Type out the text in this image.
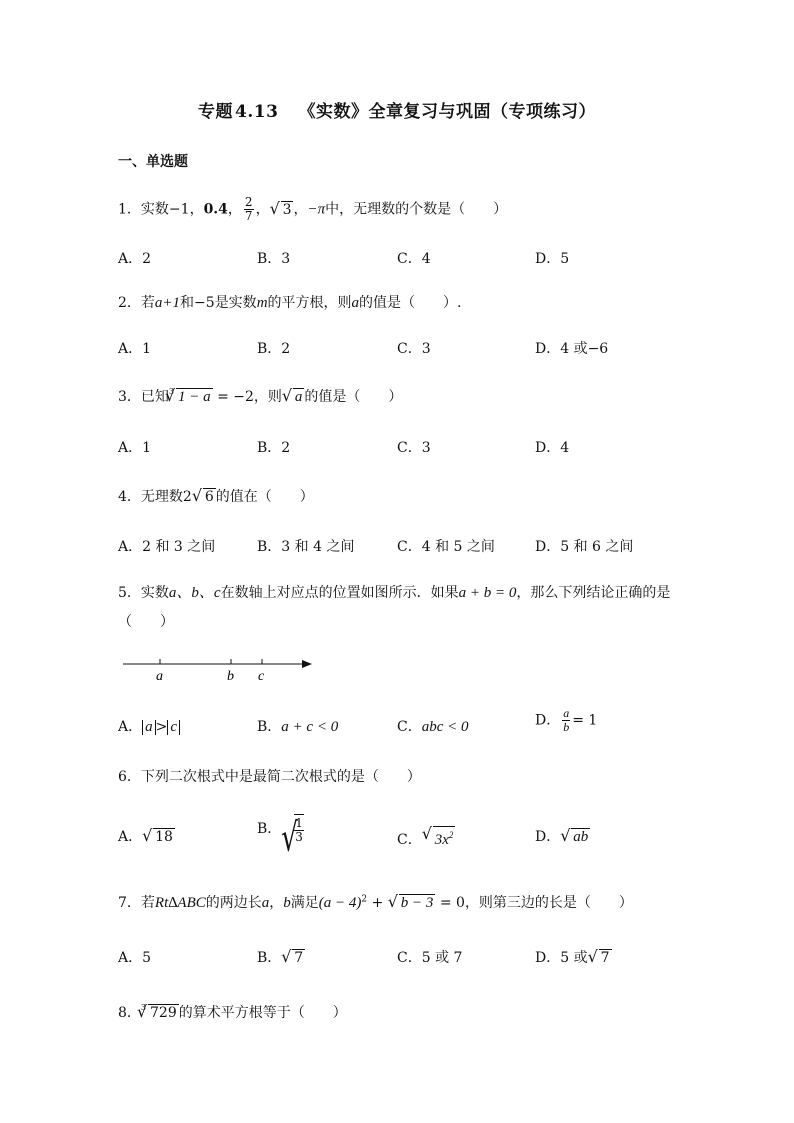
专题 4.13 《实数》全章复习与巩固（专项练习）
一、单选题
1．实数−1，0.4， $\frac{2}{7}$ ， √ 3 ，−π中，无理数的个数是（　　）
A．2	B．3	C．4	D．5
2．若a+1和−5是实数m的平方根，则a的值是（　　）.
A．1	B．2	C．3	D．4 或−6
3．已知$^3$ √ 1 − a = −2，则 √ a 的值是（　　）
A．1	B．2	C．3	D．4
4．无理数2 √ 6 的值在（　　）
A．2 和 3 之间	B．3 和 4 之间	C．4 和 5 之间	D．5 和 6 之间
5．实数a、b、c在数轴上对应点的位置如图所示．如果a + b = 0，那么下列结论正确的是
（　　）
a	b c
A． a > c	B．a + c < 0	C．abc < 0	D． $\frac{a}{b} = 1$
6．下列二次根式中是最简二次根式的是（　　）
A． √ 18	B． √ $\frac{1}{3}$	C． √ $3x^2$	D． √ ab
7．若Rt∆ABC的两边长a，b满足$(a - 4)^2$ + √ b − 3 = 0，则第三边的长是（　　）
A．5	B． √ 7	C．5 或 7	D．5 或 √ 7
8．$^3$ √ 729 的算术平方根等于（　　）
